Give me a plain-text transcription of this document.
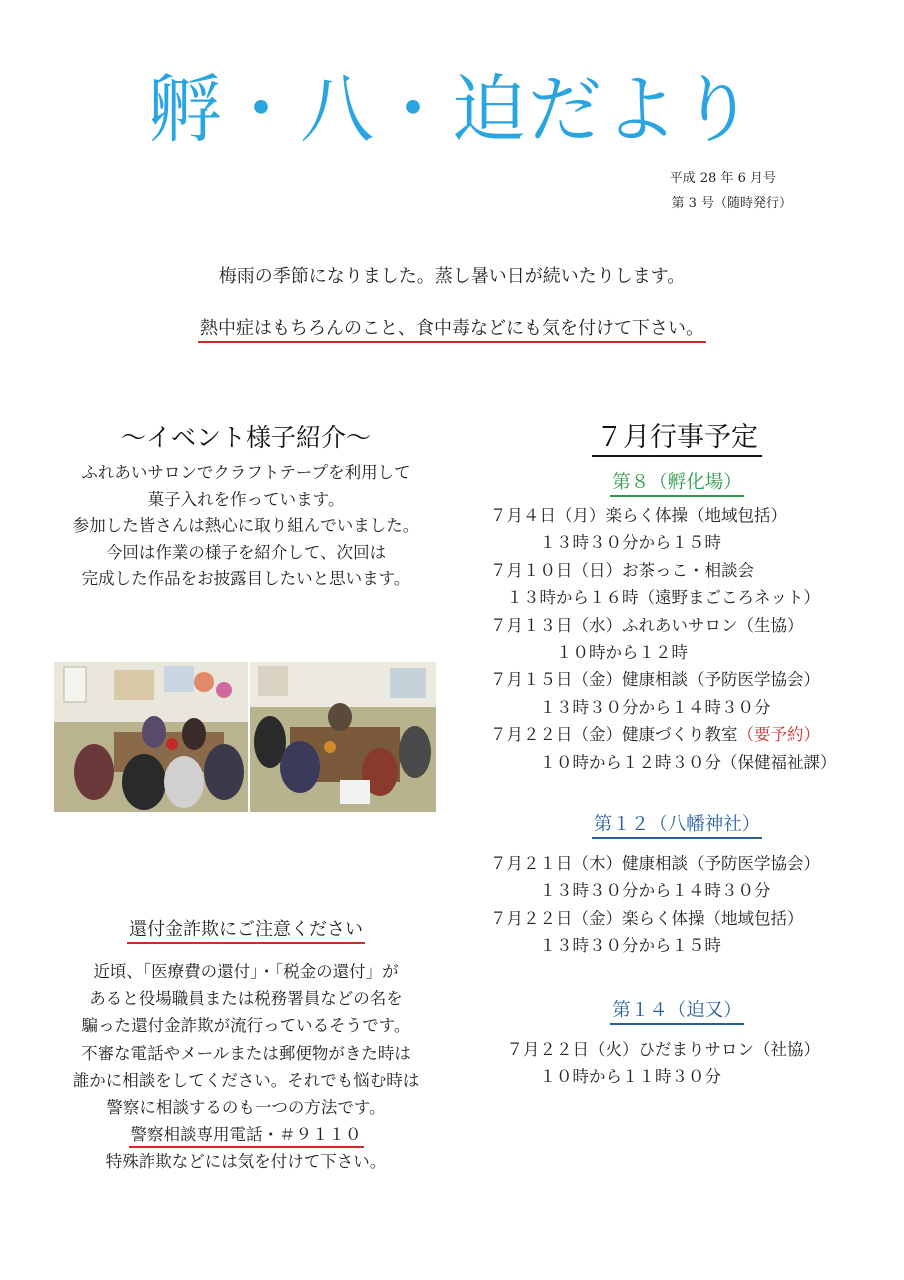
孵・八・迫だより
平成 28 年 6 月号
第 3 号（随時発行）
梅雨の季節になりました。蒸し暑い日が続いたりします。
熱中症はもちろんのこと、食中毒などにも気を付けて下さい。
～イベント様子紹介～
ふれあいサロンでクラフトテープを利用して
菓子入れを作っています。
参加した皆さんは熱心に取り組んでいました。
今回は作業の様子を紹介して、次回は
完成した作品をお披露目したいと思います。
還付金詐欺にご注意ください
近頃、「医療費の還付」・「税金の還付」が
あると役場職員または税務署員などの名を
騙った還付金詐欺が流行っているそうです。
不審な電話やメールまたは郵便物がきた時は
誰かに相談をしてください。それでも悩む時は
警察に相談するのも一つの方法です。
警察相談専用電話・＃９１１０
特殊詐欺などには気を付けて下さい。
７月行事予定
第８（孵化場）
７月４日（月）楽らく体操（地域包括）
　　　１３時３０分から１５時
７月１０日（日）お茶っこ・相談会
　１３時から１６時（遠野まごころネット）
７月１３日（水）ふれあいサロン（生協）
　　　　１０時から１２時
７月１５日（金）健康相談（予防医学協会）
　　　１３時３０分から１４時３０分
７月２２日（金）健康づくり教室（要予約）
　　　１０時から１２時３０分（保健福祉課）
第１２（八幡神社）
７月２１日（木）健康相談（予防医学協会）
　　　１３時３０分から１４時３０分
７月２２日（金）楽らく体操（地域包括）
　　　１３時３０分から１５時
第１４（迫又）
　７月２２日（火）ひだまりサロン（社協）
　　　１０時から１１時３０分
